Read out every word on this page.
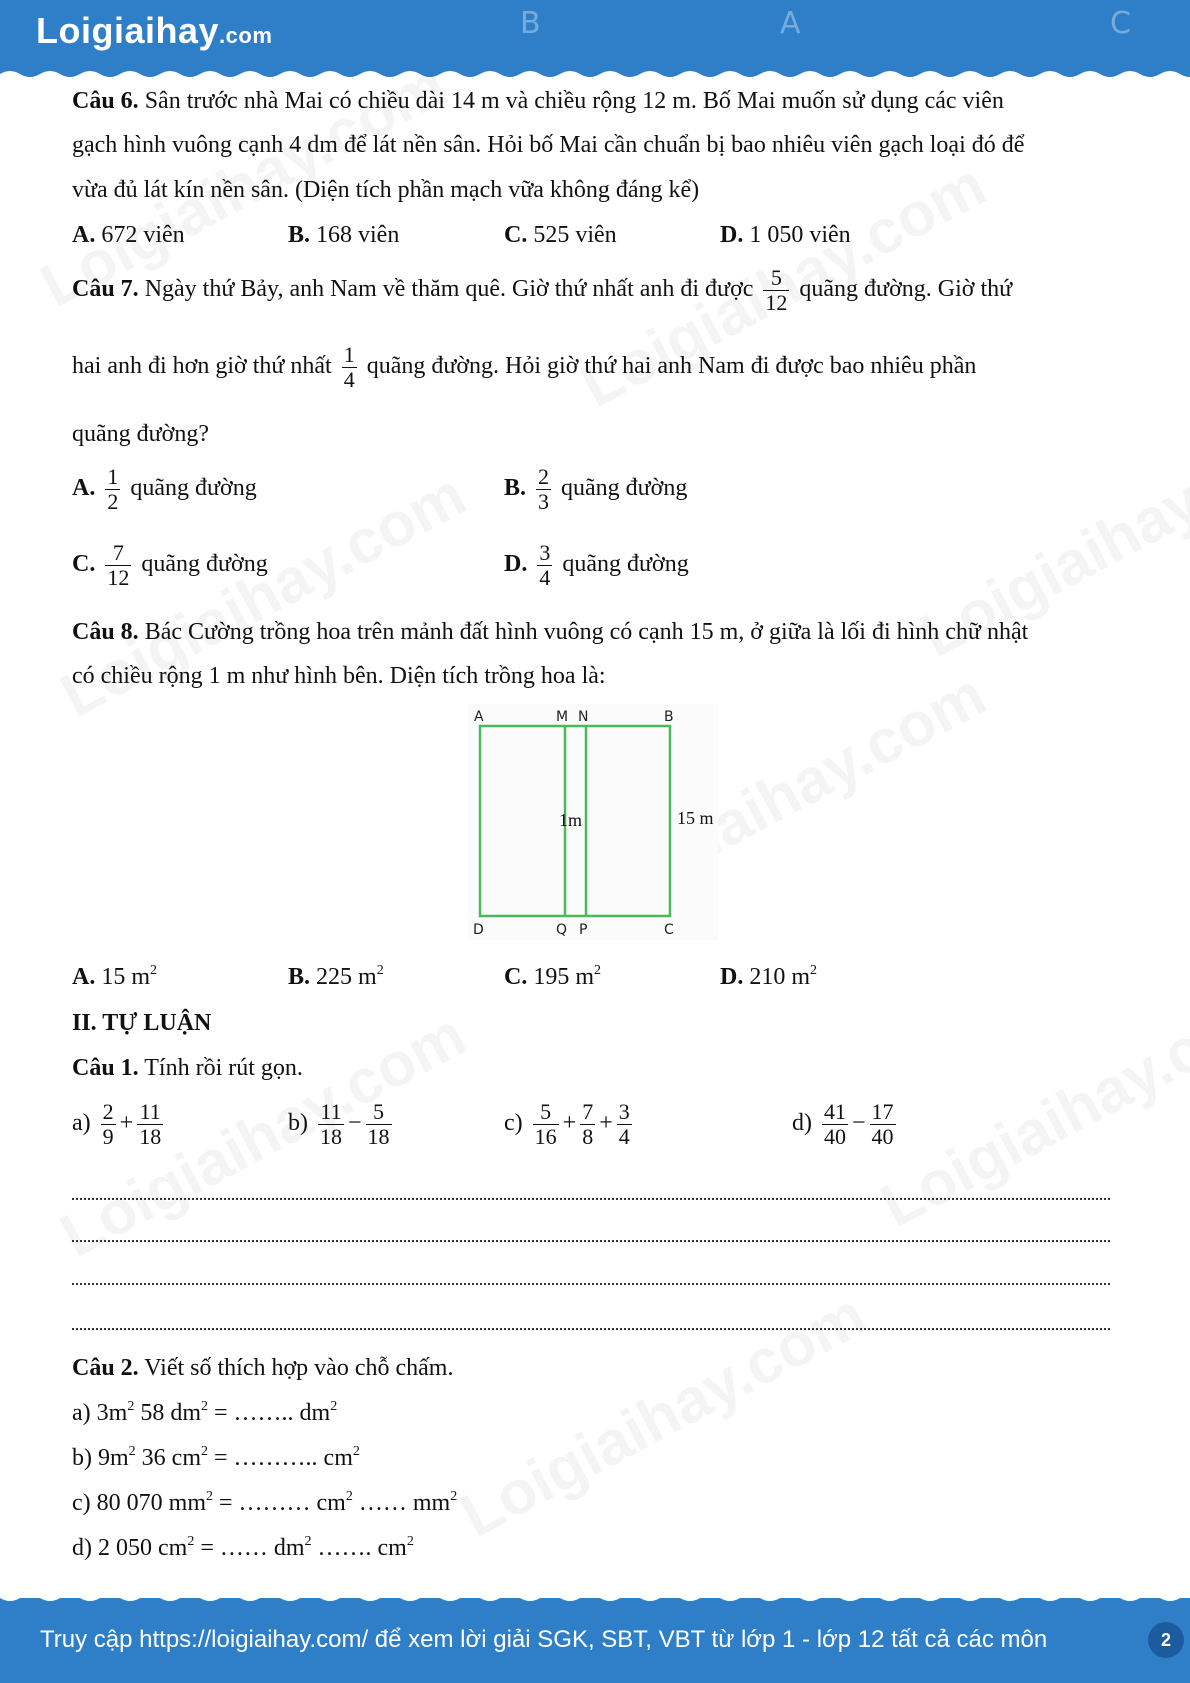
Loigiaihay.com	B	A	C
Câu 6. Sân trước nhà Mai có chiều dài 14 m và chiều rộng 12 m. Bố Mai muốn sử dụng các viên
gạch hình vuông cạnh 4 dm để lát nền sân. Hỏi bố Mai cần chuẩn bị bao nhiêu viên gạch loại đó để
vừa đủ lát kín nền sân. (Diện tích phần mạch vữa không đáng kể)
A. 672 viên	B. 168 viên	C. 525 viên	D. 1 050 viên
Câu 7. Ngày thứ Bảy, anh Nam về thăm quê. Giờ thứ nhất anh đi được $\frac{5}{12}$ quãng đường. Giờ thứ
hai anh đi hơn giờ thứ nhất $\frac{1}{4}$ quãng đường. Hỏi giờ thứ hai anh Nam đi được bao nhiêu phần
quãng đường?
A. $\frac{1}{2}$ quãng đường	B. $\frac{2}{3}$ quãng đường
C. $\frac{7}{12}$ quãng đường	D. $\frac{3}{4}$ quãng đường
Câu 8. Bác Cường trồng hoa trên mảnh đất hình vuông có cạnh 15 m, ở giữa là lối đi hình chữ nhật
có chiều rộng 1 m như hình bên. Diện tích trồng hoa là:
A	M N	B
D	Q P	C
1m	15 m
A. 15 $m^2$	B. 225 $m^2$	C. 195 $m^2$	D. 210 $m^2$
II. TỰ LUẬN
Câu 1. Tính rồi rút gọn.
$a) \frac{2}{9} + \frac{11}{18}$	$b) \frac{11}{18} - \frac{5}{18}$	$c) \frac{5}{16} + \frac{7}{8} + \frac{3}{4}$	$d) \frac{41}{40} - \frac{17}{40}$
Câu 2. Viết số thích hợp vào chỗ chấm.
a) $3m^2$ 58 $dm^2$ = …….. $dm^2$
b) $9m^2$ 36 $cm^2$ = ……….. $cm^2$
c) 80 070 $mm^2$ = ……… $cm^2$ …… $mm^2$
d) 2 050 $cm^2$ = …… $dm^2$ ……. $cm^2$
Truy cập https://loigiaihay.com/ để xem lời giải SGK, SBT, VBT từ lớp 1 - lớp 12 tất cả các môn	2
